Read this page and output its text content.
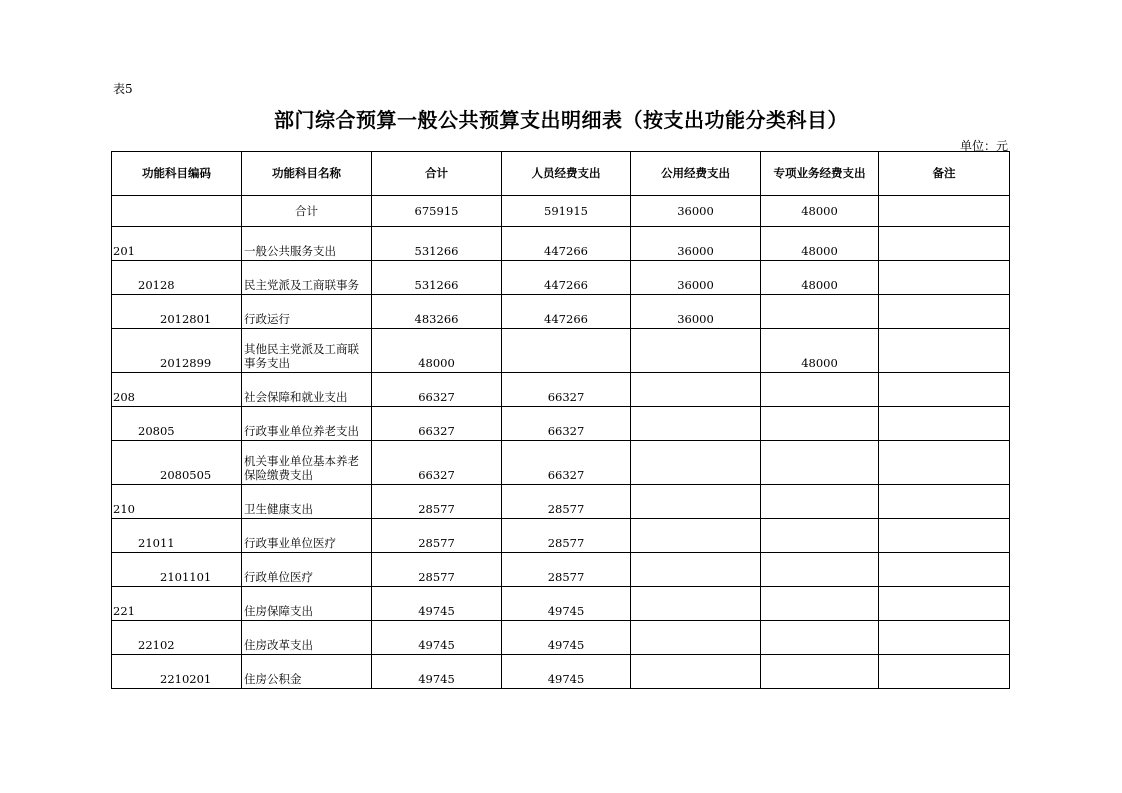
表5
部门综合预算一般公共预算支出明细表（按支出功能分类科目）
单位：元
功能科目编码	功能科目名称	合计	人员经费支出	公用经费支出	专项业务经费支出	备注
	合计	675915	591915	36000	48000	
201	一般公共服务支出	531266	447266	36000	48000	
20128	民主党派及工商联事务	531266	447266	36000	48000	
2012801	行政运行	483266	447266	36000		
2012899	其他民主党派及工商联事务支出	48000			48000	
208	社会保障和就业支出	66327	66327			
20805	行政事业单位养老支出	66327	66327			
2080505	机关事业单位基本养老保险缴费支出	66327	66327			
210	卫生健康支出	28577	28577			
21011	行政事业单位医疗	28577	28577			
2101101	行政单位医疗	28577	28577			
221	住房保障支出	49745	49745			
22102	住房改革支出	49745	49745			
2210201	住房公积金	49745	49745			
